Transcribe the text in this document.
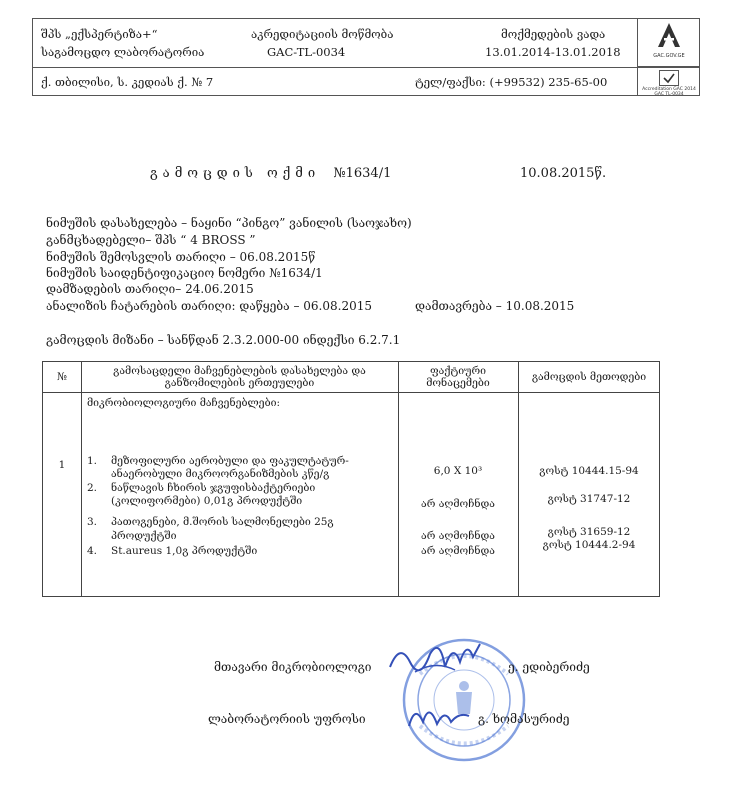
შპს „ექსპერტიზა+“
საგამოცდო ლაბორატორია
აკრედიტაციის მოწმობა
GAC-TL-0034
მოქმედების ვადა
13.01.2014-13.01.2018
ქ. თბილისი, ს. კედიას ქ. № 7	ტელ/ფაქსი: (+99532) 235-65-00
GAC.GOV.GE
Accreditation GAC 2014 GAC TL-0034
გამოცდის ოქმი №1634/1	10.08.2015წ.
ნიმუშის დასახელება – ნაყინი “პინგო” ვანილის (საოჯახო)
განმცხადებელი– შპს “ 4 BROSS ”
ნიმუშის შემოსვლის თარიღი – 06.08.2015წ
ნიმუშის საიდენტიფიკაციო ნომერი №1634/1
დამზადების თარიღი– 24.06.2015
ანალიზის ჩატარების თარიღი: დაწყება – 06.08.2015	დამთავრება – 10.08.2015
გამოცდის მიზანი – სანწდან 2.3.2.000-00 ინდექსი 6.2.7.1
№	გამოსაცდელი მაჩვენებლების დასახელება და
განზომილების ერთეულები
ფაქტიური
მონაცემები	გამოცდის მეთოდები
1
მიკრობიოლოგიური მაჩვენებლები:
1. მეზოფილური აერობული და ფაკულტატურ-
ანაერობული მიკროორგანიზმების კწე/გ	6,0 X 10³	გოსტ 10444.15-94
2. ნაწლავის ჩხირის ჯგუფისბაქტერიები
(კოლიფორმები) 0,01გ პროდუქტში	არ აღმოჩნდა	გოსტ 31747-12
3. პათოგენები, მ.შორის სალმონელები 25გ
პროდუქტში	არ აღმოჩნდა	გოსტ 31659-12
4. St.aureus 1,0გ პროდუქტში	არ აღმოჩნდა	გოსტ 10444.2-94
მთავარი მიკრობიოლოგი	ე. ედიბერიძე
ლაბორატორიის უფროსი	გ. ხომასურიძე
